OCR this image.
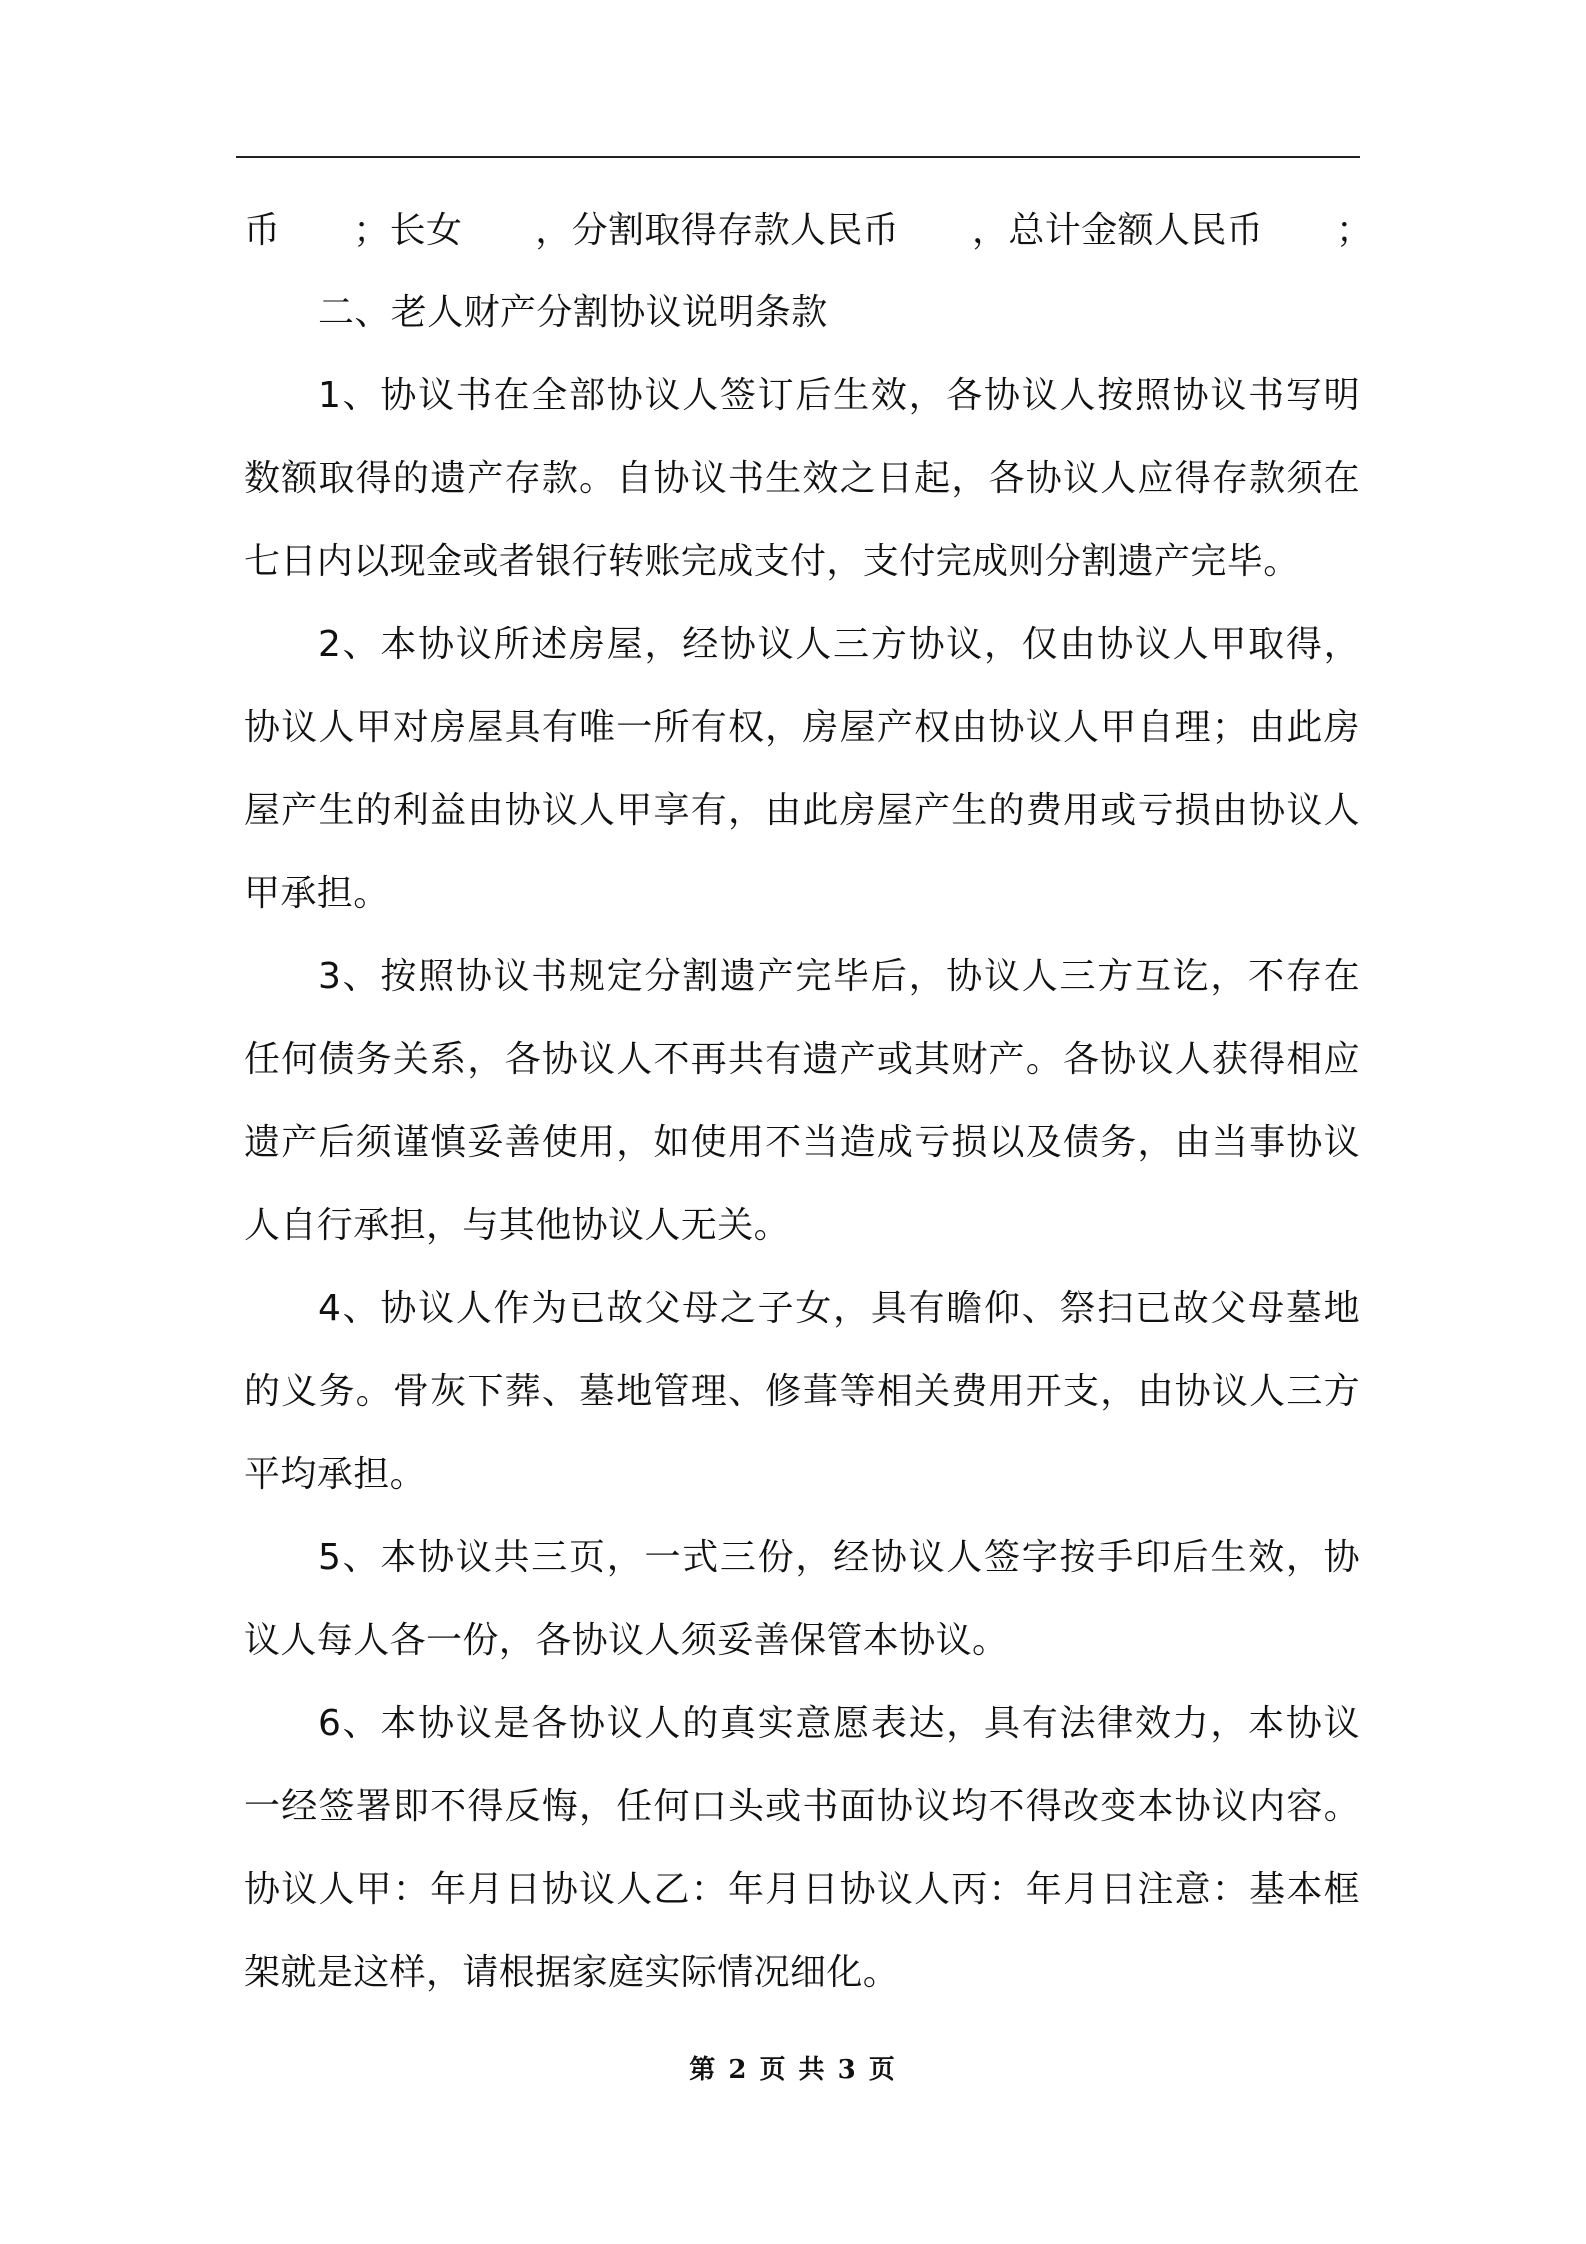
币　　；长女　　，分割取得存款人民币　　，总计金额人民币　　；
二、老人财产分割协议说明条款
1、协议书在全部协议人签订后生效，各协议人按照协议书写明
数额取得的遗产存款。自协议书生效之日起，各协议人应得存款须在
七日内以现金或者银行转账完成支付，支付完成则分割遗产完毕。
2、本协议所述房屋，经协议人三方协议，仅由协议人甲取得，
协议人甲对房屋具有唯一所有权，房屋产权由协议人甲自理；由此房
屋产生的利益由协议人甲享有，由此房屋产生的费用或亏损由协议人
甲承担。
3、按照协议书规定分割遗产完毕后，协议人三方互讫，不存在
任何债务关系，各协议人不再共有遗产或其财产。各协议人获得相应
遗产后须谨慎妥善使用，如使用不当造成亏损以及债务，由当事协议
人自行承担，与其他协议人无关。
4、协议人作为已故父母之子女，具有瞻仰、祭扫已故父母墓地
的义务。骨灰下葬、墓地管理、修葺等相关费用开支，由协议人三方
平均承担。
5、本协议共三页，一式三份，经协议人签字按手印后生效，协
议人每人各一份，各协议人须妥善保管本协议。
6、本协议是各协议人的真实意愿表达，具有法律效力，本协议
一经签署即不得反悔，任何口头或书面协议均不得改变本协议内容。
协议人甲：年月日协议人乙：年月日协议人丙：年月日注意：基本框
架就是这样，请根据家庭实际情况细化。
第 2 页 共 3 页
